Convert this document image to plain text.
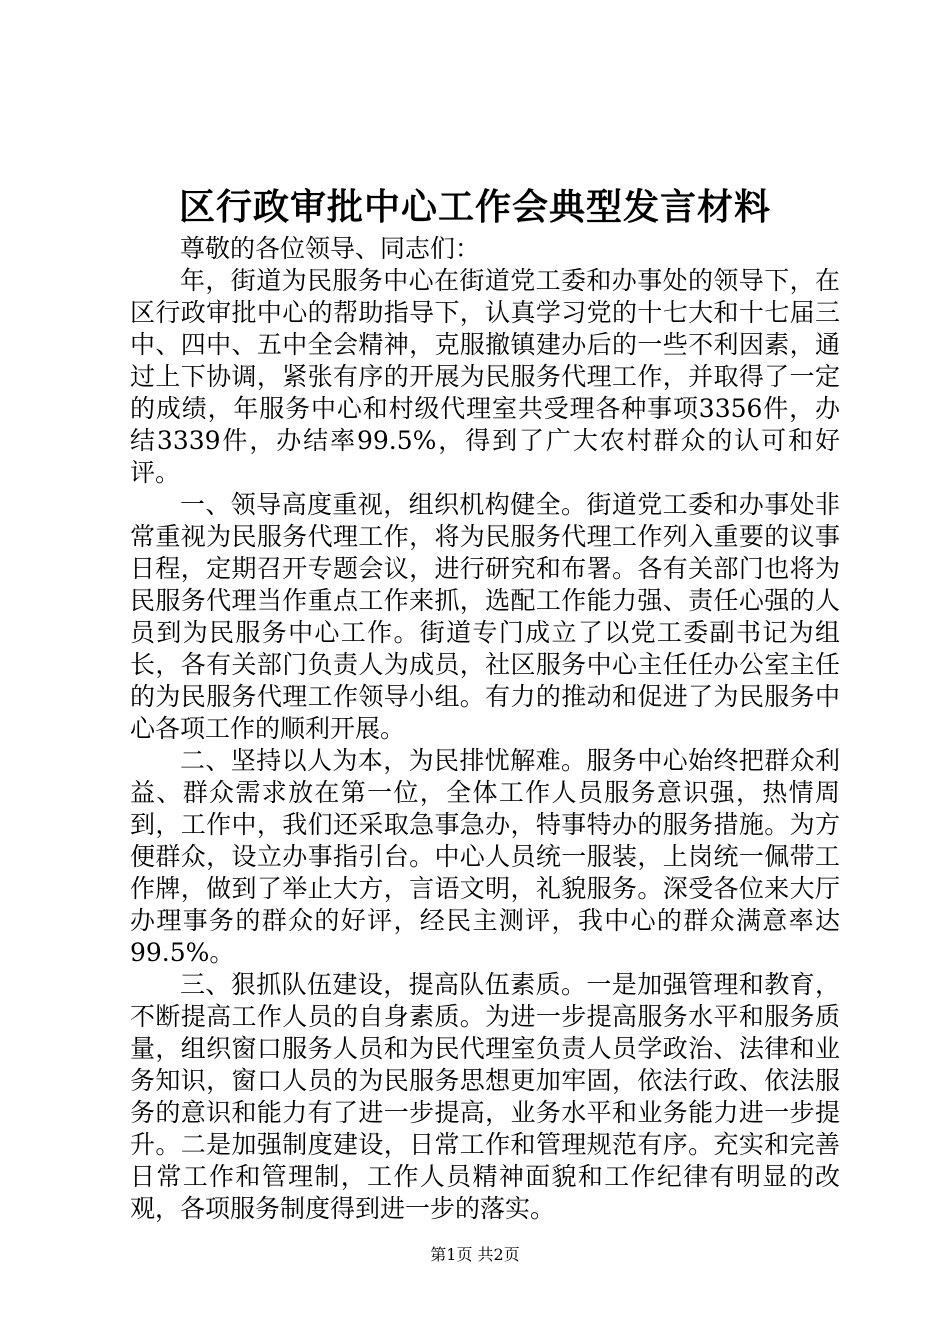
区行政审批中心工作会典型发言材料

尊敬的各位领导、同志们：

年，街道为民服务中心在街道党工委和办事处的领导下，在区行政审批中心的帮助指导下，认真学习党的十七大和十七届三中、四中、五中全会精神，克服撤镇建办后的一些不利因素，通过上下协调，紧张有序的开展为民服务代理工作，并取得了一定的成绩，年服务中心和村级代理室共受理各种事项3356件，办结3339件，办结率99.5%，得到了广大农村群众的认可和好评。

一、领导高度重视，组织机构健全。街道党工委和办事处非常重视为民服务代理工作，将为民服务代理工作列入重要的议事日程，定期召开专题会议，进行研究和布署。各有关部门也将为民服务代理当作重点工作来抓，选配工作能力强、责任心强的人员到为民服务中心工作。街道专门成立了以党工委副书记为组长，各有关部门负责人为成员，社区服务中心主任任办公室主任的为民服务代理工作领导小组。有力的推动和促进了为民服务中心各项工作的顺利开展。

二、坚持以人为本，为民排忧解难。服务中心始终把群众利益、群众需求放在第一位，全体工作人员服务意识强，热情周到，工作中，我们还采取急事急办，特事特办的服务措施。为方便群众，设立办事指引台。中心人员统一服装，上岗统一佩带工作牌，做到了举止大方，言语文明，礼貌服务。深受各位来大厅办理事务的群众的好评，经民主测评，我中心的群众满意率达99.5%。

三、狠抓队伍建设，提高队伍素质。一是加强管理和教育，不断提高工作人员的自身素质。为进一步提高服务水平和服务质量，组织窗口服务人员和为民代理室负责人员学政治、法律和业务知识，窗口人员的为民服务思想更加牢固，依法行政、依法服务的意识和能力有了进一步提高，业务水平和业务能力进一步提升。二是加强制度建设，日常工作和管理规范有序。充实和完善日常工作和管理制，工作人员精神面貌和工作纪律有明显的改观，各项服务制度得到进一步的落实。

第1页 共2页
